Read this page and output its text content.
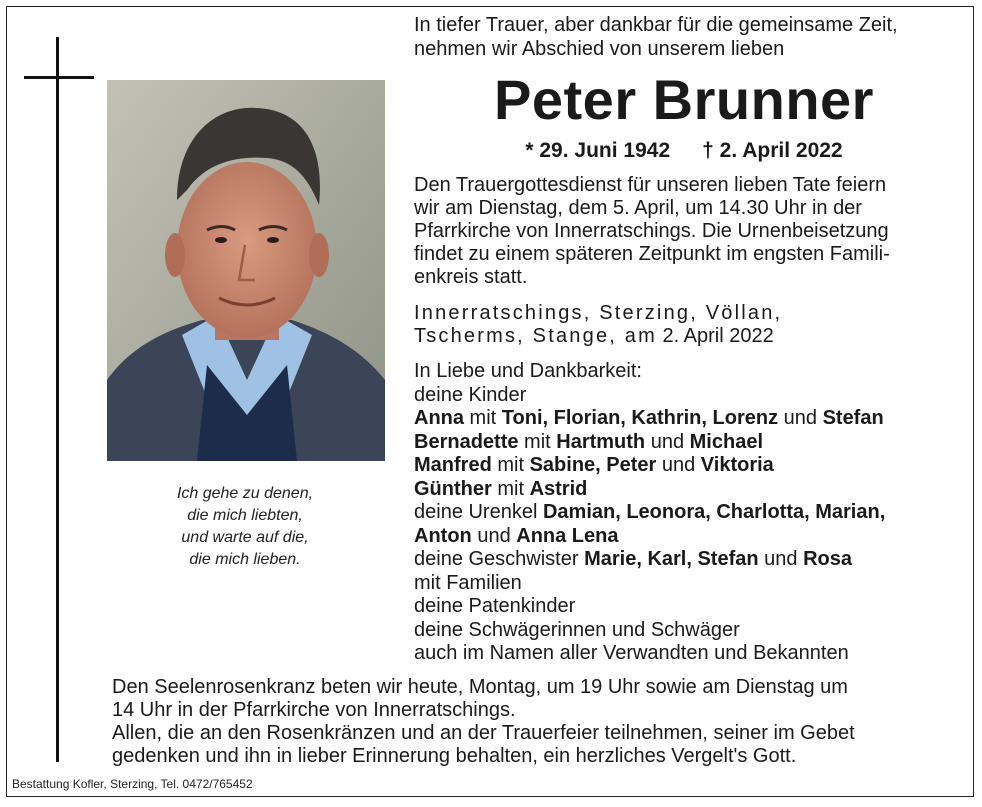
Ich gehe zu denen,
die mich liebten,
und warte auf die,
die mich lieben.
In tiefer Trauer, aber dankbar für die gemeinsame Zeit,
nehmen wir Abschied von unserem lieben
Peter Brunner
* 29. Juni 1942 † 2. April 2022
Den Trauergottesdienst für unseren lieben Tate feiern
wir am Dienstag, dem 5. April, um 14.30 Uhr in der
Pfarrkirche von Innerratschings. Die Urnenbeisetzung
findet zu einem späteren Zeitpunkt im engsten Famili-
enkreis statt.
Innerratschings, Sterzing, Völlan,
Tscherms, Stange, am 2. April 2022
In Liebe und Dankbarkeit:
deine Kinder
Anna mit Toni, Florian, Kathrin, Lorenz und Stefan
Bernadette mit Hartmuth und Michael
Manfred mit Sabine, Peter und Viktoria
Günther mit Astrid
deine Urenkel Damian, Leonora, Charlotta, Marian,
Anton und Anna Lena
deine Geschwister Marie, Karl, Stefan und Rosa
mit Familien
deine Patenkinder
deine Schwägerinnen und Schwäger
auch im Namen aller Verwandten und Bekannten
Den Seelenrosenkranz beten wir heute, Montag, um 19 Uhr sowie am Dienstag um
14 Uhr in der Pfarrkirche von Innerratschings.
Allen, die an den Rosenkränzen und an der Trauerfeier teilnehmen, seiner im Gebet
gedenken und ihn in lieber Erinnerung behalten, ein herzliches Vergelt's Gott.
Bestattung Kofler, Sterzing, Tel. 0472/765452
